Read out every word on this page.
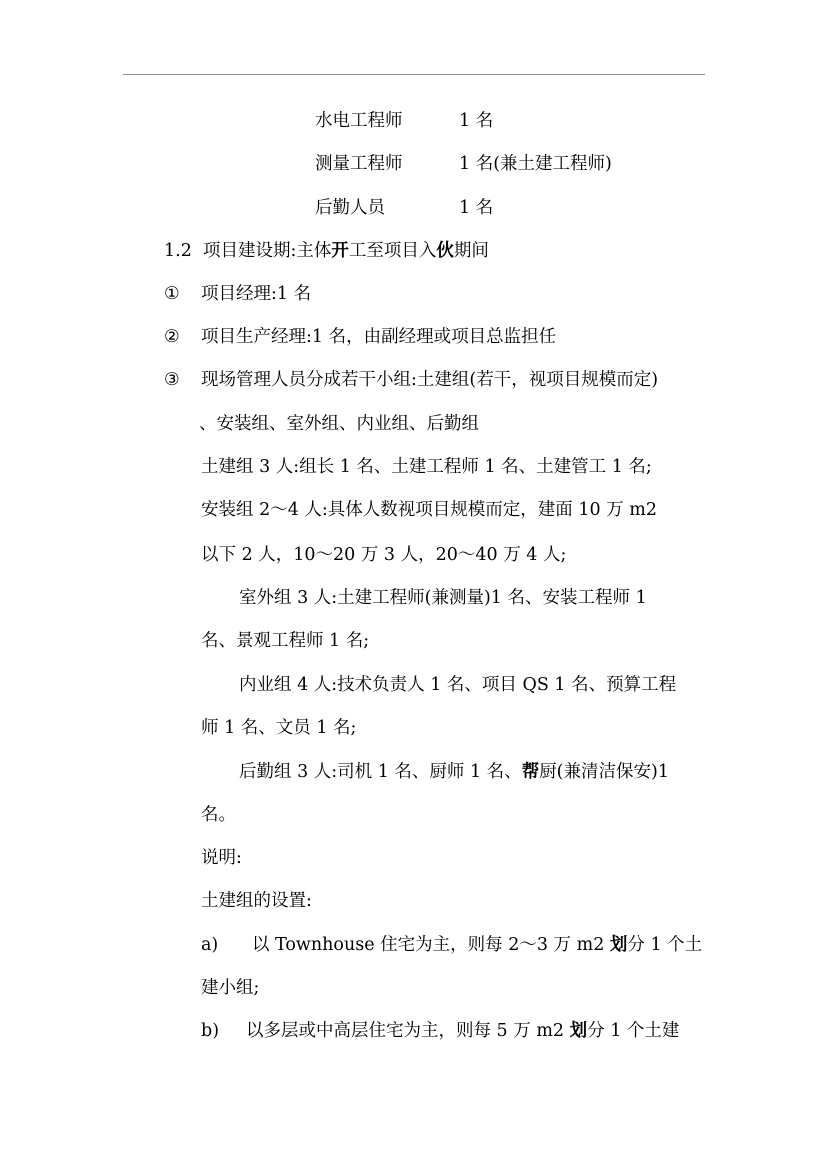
水电工程师	1 名
测量工程师	1 名(兼土建工程师)
后勤人员	1 名
1.2 项目建设期:主体开工至项目入伙期间
① 项目经理:1 名
② 项目生产经理:1 名，由副经理或项目总监担任
③ 现场管理人员分成若干小组:土建组(若干，视项目规模而定)
、安装组、室外组、内业组、后勤组
土建组 3 人:组长 1 名、土建工程师 1 名、土建管工 1 名;
安装组 2～4 人:具体人数视项目规模而定，建面 10 万 m2
以下 2 人，10～20 万 3 人，20～40 万 4 人;
室外组 3 人:土建工程师(兼测量)1 名、安装工程师 1
名、景观工程师 1 名;
内业组 4 人:技术负责人 1 名、项目 QS 1 名、预算工程
师 1 名、文员 1 名;
后勤组 3 人:司机 1 名、厨师 1 名、帮厨(兼清洁保安)1
名。
说明:
土建组的设置:
a) 以 Townhouse 住宅为主，则每 2～3 万 m2 划分 1 个土
建小组;
b) 以多层或中高层住宅为主，则每 5 万 m2 划分 1 个土建
